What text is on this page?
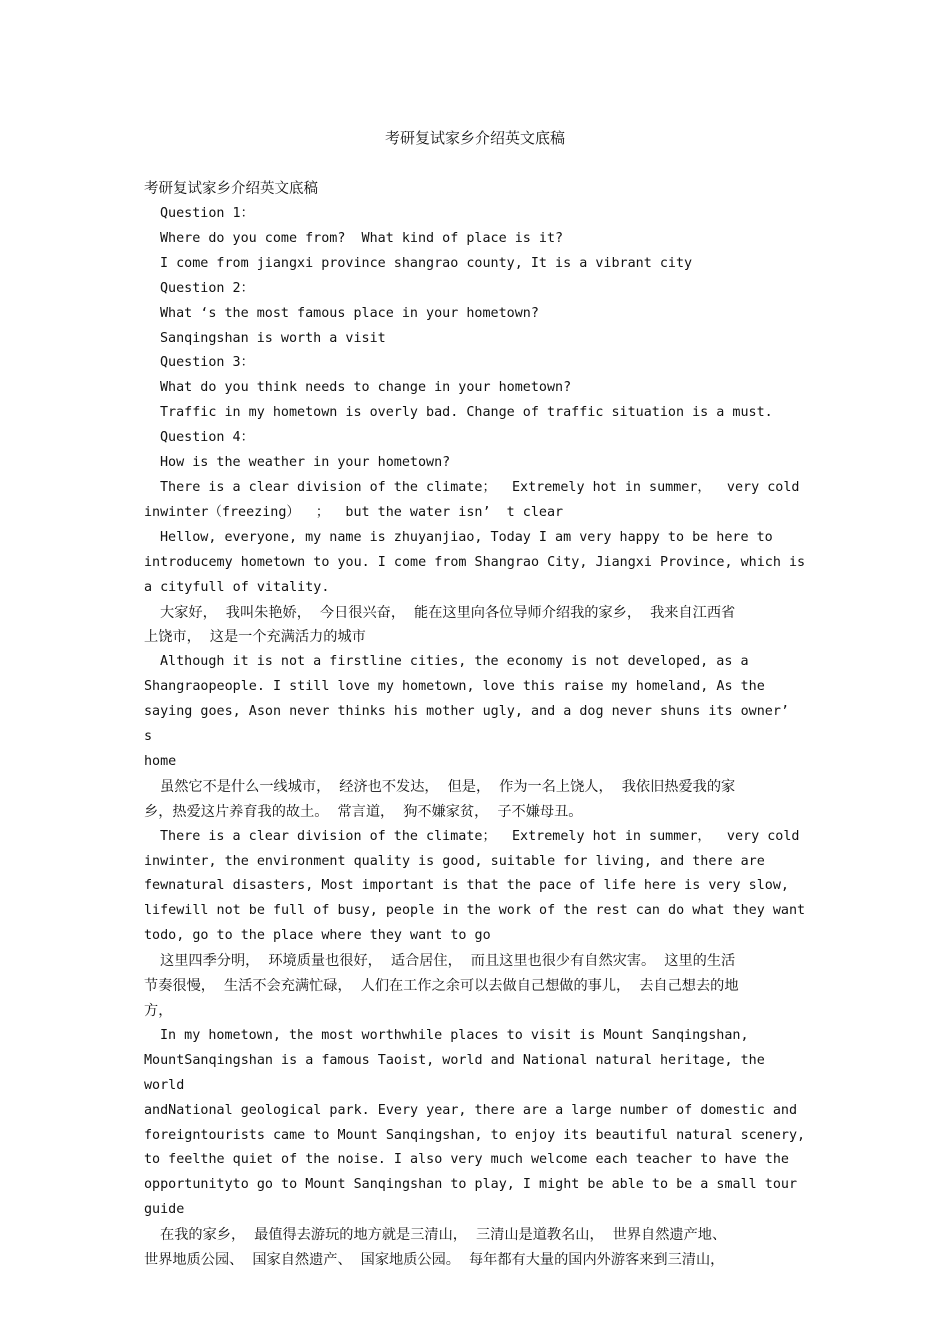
考研复试家乡介绍英文底稿

考研复试家乡介绍英文底稿

Question 1：

Where do you come from?  What kind of place is it?

I come from jiangxi province shangrao county, It is a vibrant city

Question 2：

What ‘s the most famous place in your hometown?

Sanqingshan is worth a visit

Question 3：

What do you think needs to change in your hometown?

Traffic in my hometown is overly bad. Change of traffic situation is a must.

Question 4：

How is the weather in your hometown?

There is a clear division of the climate；  Extremely hot in summer，  very cold

inwinter（freezing）  ；  but the water isn’  t clear

Hellow, everyone, my name is zhuyanjiao, Today I am very happy to be here to

introducemy hometown to you. I come from Shangrao City, Jiangxi Province, which is

a cityfull of vitality.

大家好，  我叫朱艳娇，  今日很兴奋，  能在这里向各位导师介绍我的家乡，  我来自江西省

上饶市，  这是一个充满活力的城市

Although it is not a firstline cities, the economy is not developed, as a

Shangraopeople. I still love my hometown, love this raise my homeland, As the

saying goes, Ason never thinks his mother ugly, and a dog never shuns its owner’  s

home

虽然它不是什么一线城市，  经济也不发达，  但是，  作为一名上饶人，  我依旧热爱我的家

乡，热爱这片养育我的故土。  常言道，  狗不嫌家贫，  子不嫌母丑。

There is a clear division of the climate；  Extremely hot in summer，  very cold

inwinter, the environment quality is good, suitable for living, and there are

fewnatural disasters, Most important is that the pace of life here is very slow,

lifewill not be full of busy, people in the work of the rest can do what they want

todo, go to the place where they want to go

这里四季分明，  环境质量也很好，  适合居住，  而且这里也很少有自然灾害。  这里的生活

节奏很慢，  生活不会充满忙碌，  人们在工作之余可以去做自己想做的事儿，  去自己想去的地

方，

In my hometown, the most worthwhile places to visit is Mount Sanqingshan,

MountSanqingshan is a famous Taoist, world and National natural heritage, the world

andNational geological park. Every year, there are a large number of domestic and

foreigntourists came to Mount Sanqingshan, to enjoy its beautiful natural scenery,

to feelthe quiet of the noise. I also very much welcome each teacher to have the

opportunityto go to Mount Sanqingshan to play, I might be able to be a small tour

guide

在我的家乡，  最值得去游玩的地方就是三清山，  三清山是道教名山，  世界自然遗产地、

世界地质公园、  国家自然遗产、  国家地质公园。  每年都有大量的国内外游客来到三清山，
